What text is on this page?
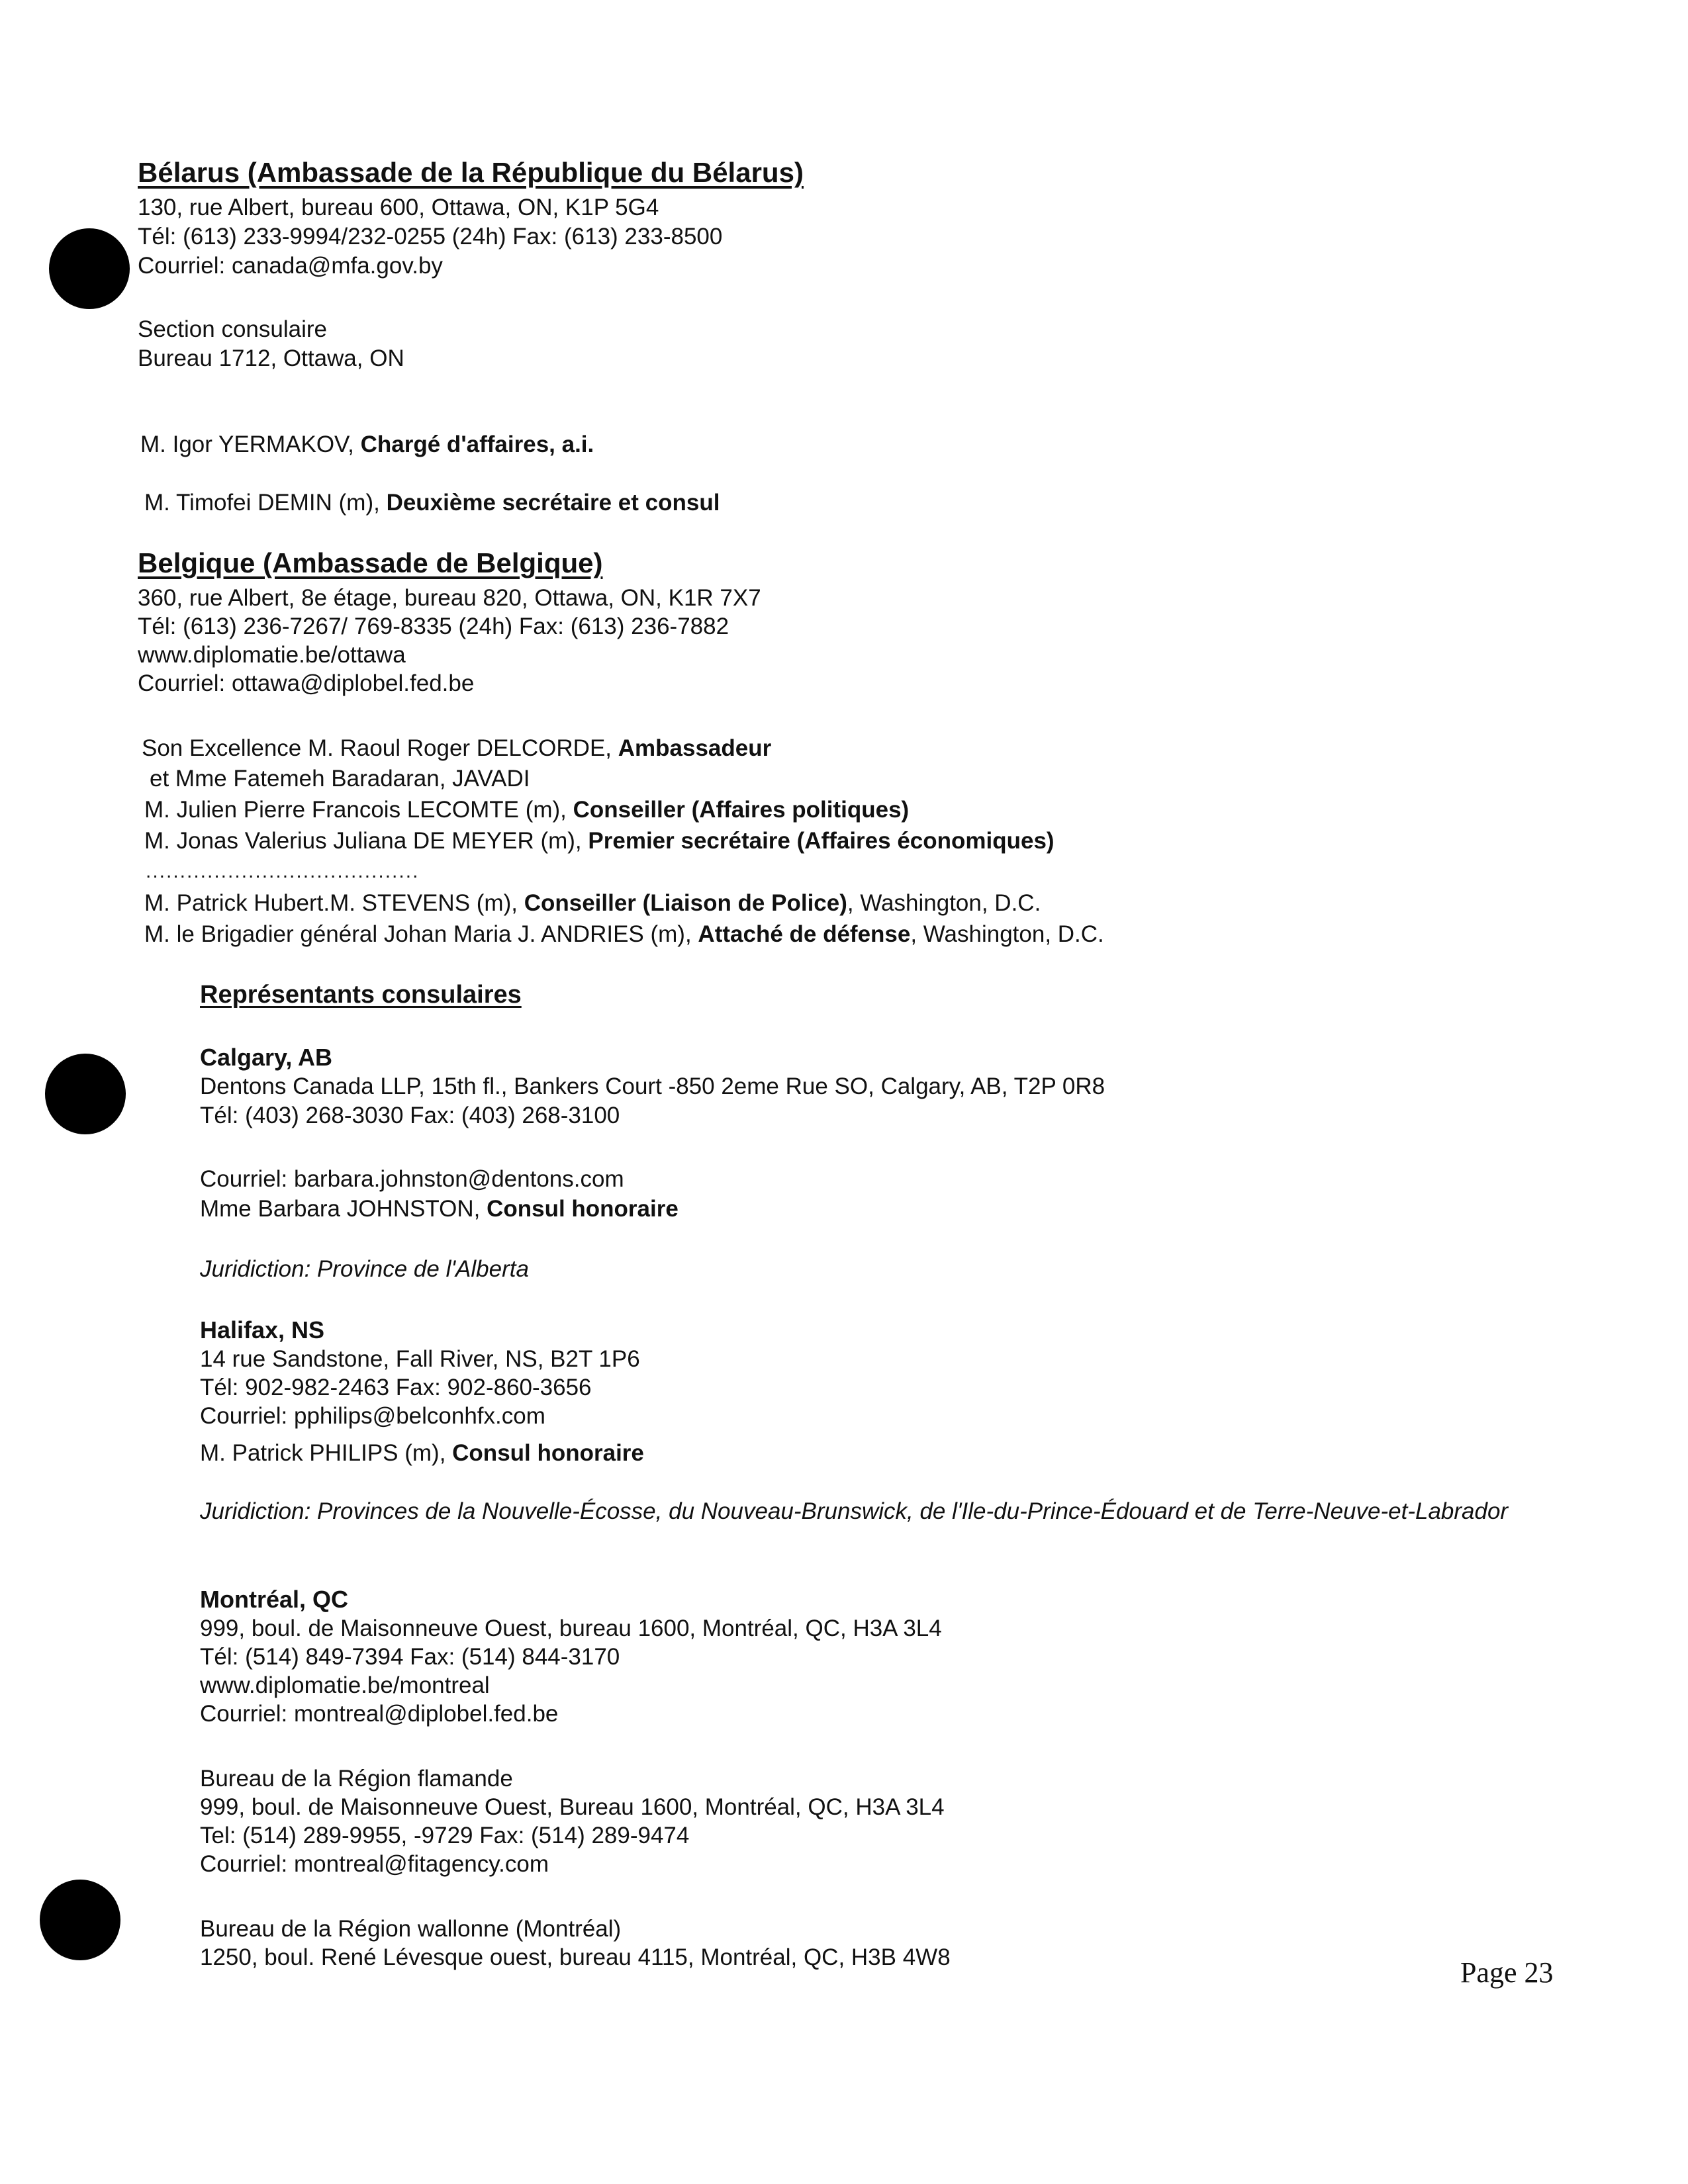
Bélarus (Ambassade de la République du Bélarus)
130, rue Albert, bureau 600, Ottawa, ON, K1P 5G4
Tél: (613) 233-9994/232-0255 (24h) Fax: (613) 233-8500
Courriel: canada@mfa.gov.by
Section consulaire
Bureau 1712, Ottawa, ON
M. Igor YERMAKOV, Chargé d'affaires, a.i.
M. Timofei DEMIN (m), Deuxième secrétaire et consul
Belgique (Ambassade de Belgique)
360, rue Albert, 8e étage, bureau 820, Ottawa, ON, K1R 7X7
Tél: (613) 236-7267/ 769-8335 (24h) Fax: (613) 236-7882
www.diplomatie.be/ottawa
Courriel: ottawa@diplobel.fed.be
Son Excellence M. Raoul Roger DELCORDE, Ambassadeur
et Mme Fatemeh Baradaran, JAVADI
M. Julien Pierre Francois LECOMTE (m), Conseiller (Affaires politiques)
M. Jonas Valerius Juliana DE MEYER (m), Premier secrétaire (Affaires économiques)
........................................
M. Patrick Hubert.M. STEVENS (m), Conseiller (Liaison de Police), Washington, D.C.
M. le Brigadier général Johan Maria J. ANDRIES (m), Attaché de défense, Washington, D.C.
Représentants consulaires
Calgary, AB
Dentons Canada LLP, 15th fl., Bankers Court -850 2eme Rue SO, Calgary, AB, T2P 0R8
Tél: (403) 268-3030 Fax: (403) 268-3100
Courriel: barbara.johnston@dentons.com
Mme Barbara JOHNSTON, Consul honoraire
Juridiction: Province de l'Alberta
Halifax, NS
14 rue Sandstone, Fall River, NS, B2T 1P6
Tél: 902-982-2463 Fax: 902-860-3656
Courriel: pphilips@belconhfx.com
M. Patrick PHILIPS (m), Consul honoraire
Juridiction: Provinces de la Nouvelle-Écosse, du Nouveau-Brunswick, de l'Ile-du-Prince-Édouard et de Terre-Neuve-et-Labrador
Montréal, QC
999, boul. de Maisonneuve Ouest, bureau 1600, Montréal, QC, H3A 3L4
Tél: (514) 849-7394 Fax: (514) 844-3170
www.diplomatie.be/montreal
Courriel: montreal@diplobel.fed.be
Bureau de la Région flamande
999, boul. de Maisonneuve Ouest, Bureau 1600, Montréal, QC, H3A 3L4
Tel: (514) 289-9955, -9729 Fax: (514) 289-9474
Courriel: montreal@fitagency.com
Bureau de la Région wallonne (Montréal)
1250, boul. René Lévesque ouest, bureau 4115, Montréal, QC, H3B 4W8	Page 23
